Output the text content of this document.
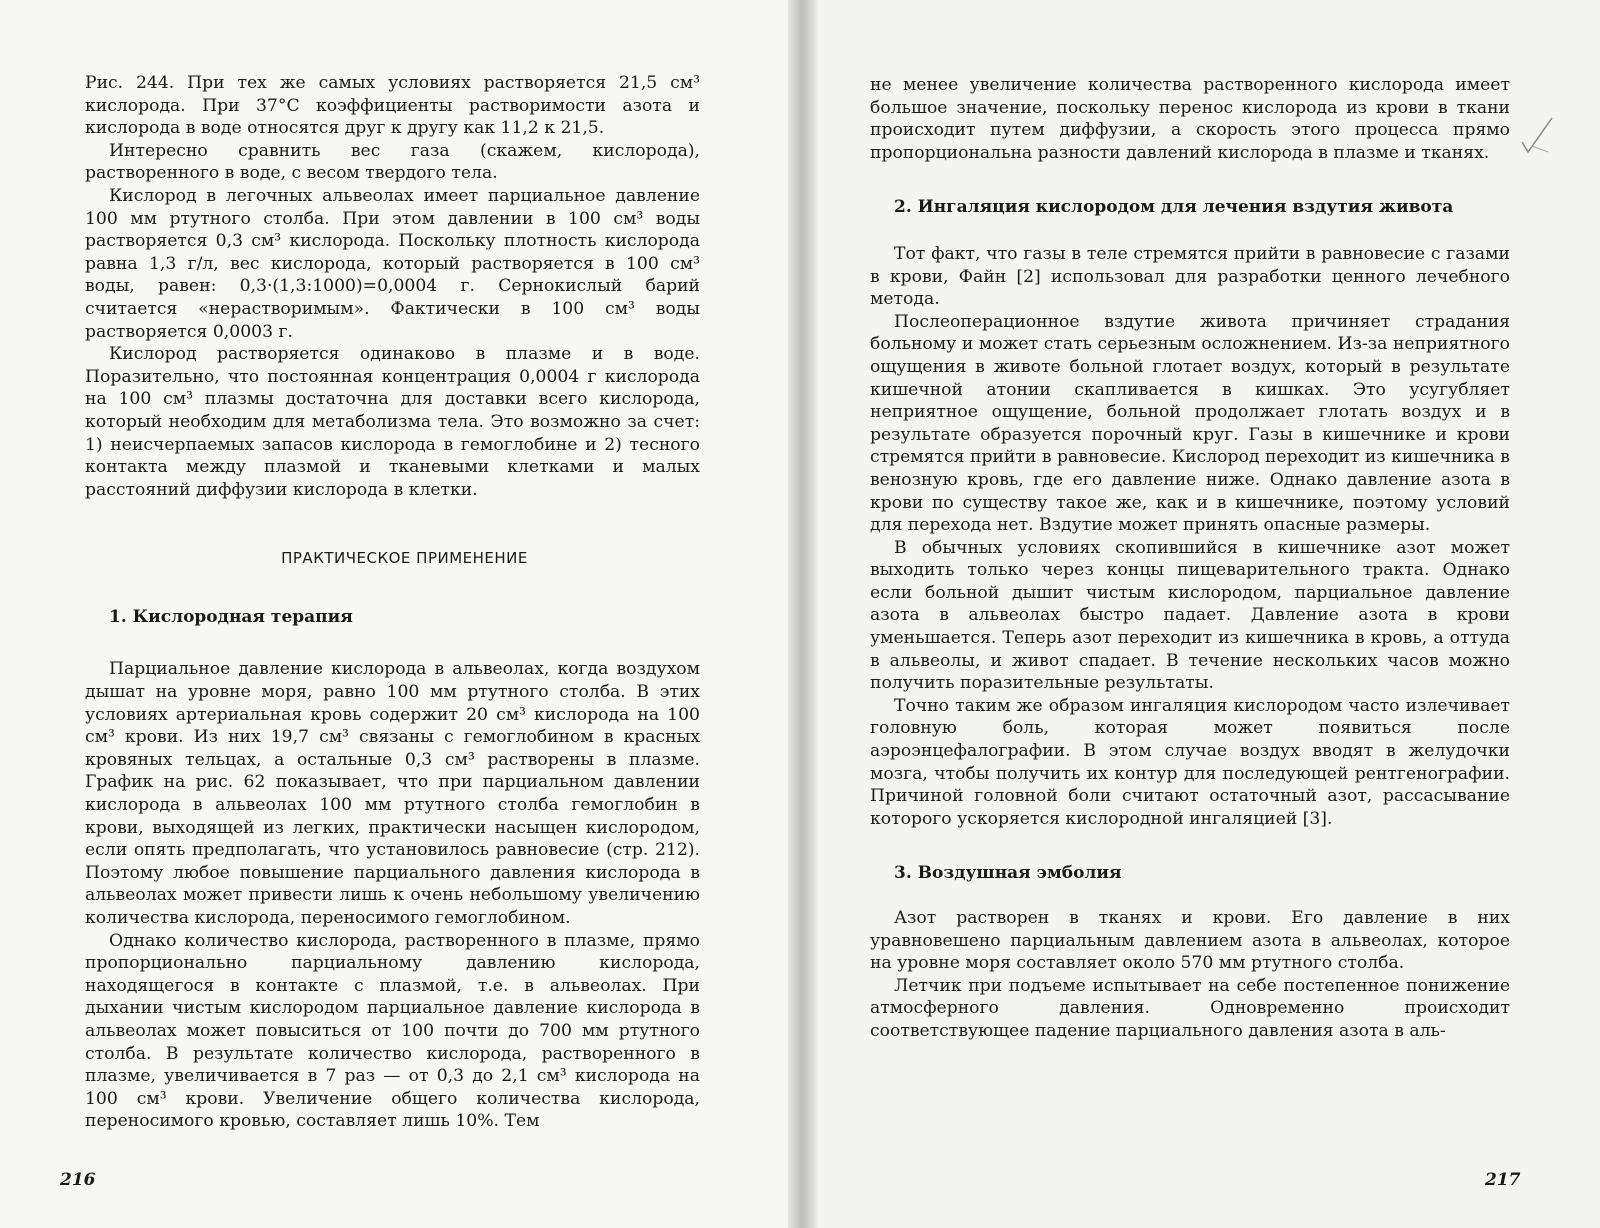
Рис. 244. При тех же самых условиях растворяется 21,5 см³ кислорода. При 37°С коэффициенты растворимости азота и кислорода в воде относятся друг к другу как 11,2 к 21,5.

Интересно сравнить вес газа (скажем, кислорода), растворенного в воде, с весом твердого тела.

Кислород в легочных альвеолах имеет парциальное давление 100 мм ртутного столба. При этом давлении в 100 см³ воды растворяется 0,3 см³ кислорода. Поскольку плотность кислорода равна 1,3 г/л, вес кислорода, который растворяется в 100 см³ воды, равен: 0,3·(1,3:1000)=0,0004 г. Сернокислый барий считается «нерастворимым». Фактически в 100 см³ воды растворяется 0,0003 г.

Кислород растворяется одинаково в плазме и в воде. Поразительно, что постоянная концентрация 0,0004 г кислорода на 100 см³ плазмы достаточна для доставки всего кислорода, который необходим для метаболизма тела. Это возможно за счет: 1) неисчерпаемых запасов кислорода в гемоглобине и 2) тесного контакта между плазмой и тканевыми клетками и малых расстояний диффузии кислорода в клетки.

ПРАКТИЧЕСКОЕ ПРИМЕНЕНИЕ

1. Кислородная терапия

Парциальное давление кислорода в альвеолах, когда воздухом дышат на уровне моря, равно 100 мм ртутного столба. В этих условиях артериальная кровь содержит 20 см³ кислорода на 100 см³ крови. Из них 19,7 см³ связаны с гемоглобином в красных кровяных тельцах, а остальные 0,3 см³ растворены в плазме. График на рис. 62 показывает, что при парциальном давлении кислорода в альвеолах 100 мм ртутного столба гемоглобин в крови, выходящей из легких, практически насыщен кислородом, если опять предполагать, что установилось равновесие (стр. 212). Поэтому любое повышение парциального давления кислорода в альвеолах может привести лишь к очень небольшому увеличению количества кислорода, переносимого гемоглобином.

Однако количество кислорода, растворенного в плазме, прямо пропорционально парциальному давлению кислорода, находящегося в контакте с плазмой, т.е. в альвеолах. При дыхании чистым кислородом парциальное давление кислорода в альвеолах может повыситься от 100 почти до 700 мм ртутного столба. В результате количество кислорода, растворенного в плазме, увеличивается в 7 раз — от 0,3 до 2,1 см³ кислорода на 100 см³ крови. Увеличение общего количества кислорода, переносимого кровью, составляет лишь 10%. Тем

216

не менее увеличение количества растворенного кислорода имеет большое значение, поскольку перенос кислорода из крови в ткани происходит путем диффузии, а скорость этого процесса прямо пропорциональна разности давлений кислорода в плазме и тканях.

2. Ингаляция кислородом для лечения вздутия живота

Тот факт, что газы в теле стремятся прийти в равновесие с газами в крови, Файн [2] использовал для разработки ценного лечебного метода.

Послеоперационное вздутие живота причиняет страдания больному и может стать серьезным осложнением. Из-за неприятного ощущения в животе больной глотает воздух, который в результате кишечной атонии скапливается в кишках. Это усугубляет неприятное ощущение, больной продолжает глотать воздух и в результате образуется порочный круг. Газы в кишечнике и крови стремятся прийти в равновесие. Кислород переходит из кишечника в венозную кровь, где его давление ниже. Однако давление азота в крови по существу такое же, как и в кишечнике, поэтому условий для перехода нет. Вздутие может принять опасные размеры.

В обычных условиях скопившийся в кишечнике азот может выходить только через концы пищеварительного тракта. Однако если больной дышит чистым кислородом, парциальное давление азота в альвеолах быстро падает. Давление азота в крови уменьшается. Теперь азот переходит из кишечника в кровь, а оттуда в альвеолы, и живот спадает. В течение нескольких часов можно получить поразительные результаты.

Точно таким же образом ингаляция кислородом часто излечивает головную боль, которая может появиться после аэроэнцефалографии. В этом случае воздух вводят в желудочки мозга, чтобы получить их контур для последующей рентгенографии. Причиной головной боли считают остаточный азот, рассасывание которого ускоряется кислородной ингаляцией [3].

3. Воздушная эмболия

Азот растворен в тканях и крови. Его давление в них уравновешено парциальным давлением азота в альвеолах, которое на уровне моря составляет около 570 мм ртутного столба.

Летчик при подъеме испытывает на себе постепенное понижение атмосферного давления. Одновременно происходит соответствующее падение парциального давления азота в аль-

217
